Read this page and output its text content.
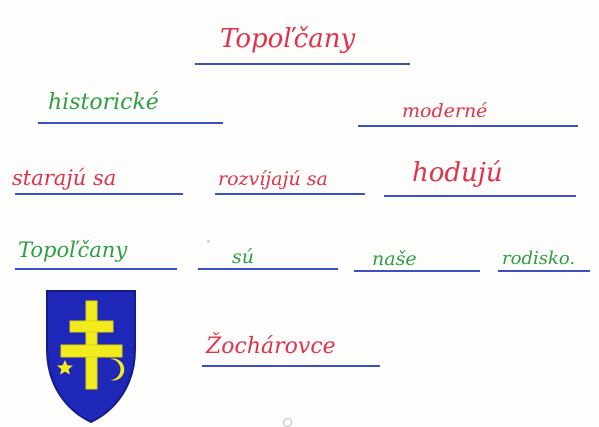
Topoľčany
historické	moderné
starajú sa	rozvíjajú sa	hodujú
Topoľčany	sú	naše	rodisko.
Žochárovce
